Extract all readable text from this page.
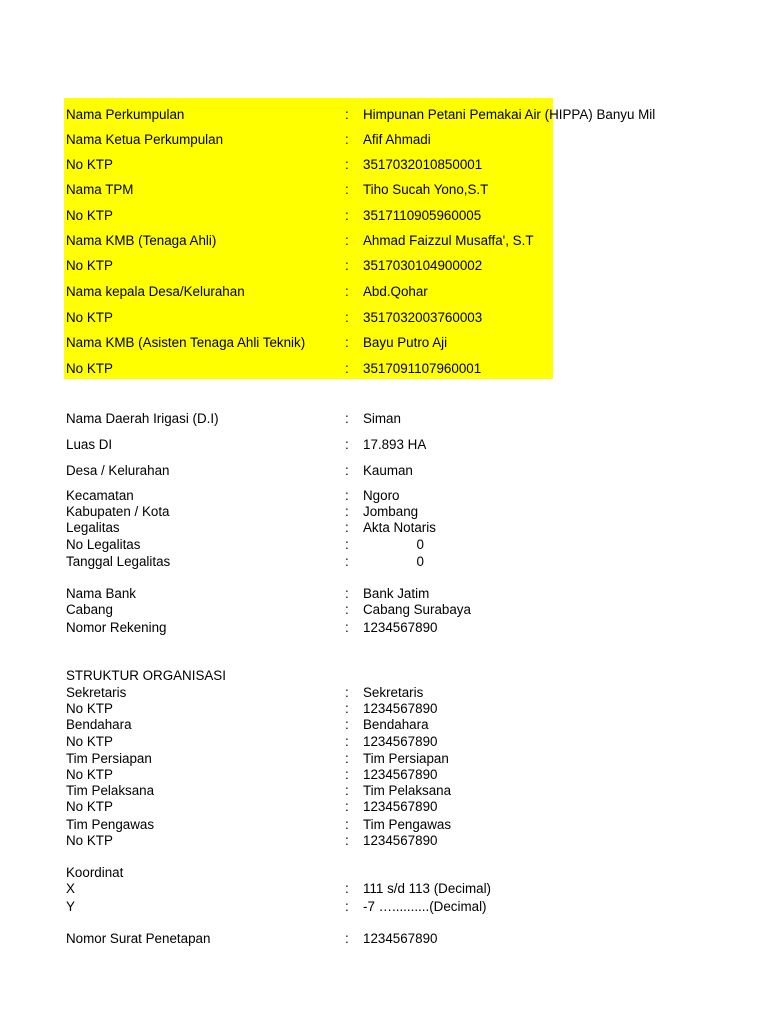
Nama Perkumpulan	: Himpunan Petani Pemakai Air (HIPPA) Banyu Mil
Nama Ketua Perkumpulan	: Afif Ahmadi
No KTP	: 3517032010850001
Nama TPM	: Tiho Sucah Yono,S.T
No KTP	: 3517110905960005
Nama KMB (Tenaga Ahli)	: Ahmad Faizzul Musaffa', S.T
No KTP	: 3517030104900002
Nama kepala Desa/Kelurahan	: Abd.Qohar
No KTP	: 3517032003760003
Nama KMB (Asisten Tenaga Ahli Teknik)	: Bayu Putro Aji
No KTP	: 3517091107960001
Nama Daerah Irigasi (D.I)	: Siman
Luas DI	: 17.893 HA
Desa / Kelurahan	: Kauman
Kecamatan	: Ngoro
Kabupaten / Kota	: Jombang
Legalitas	: Akta Notaris
No Legalitas	:	0
Tanggal Legalitas	:	0
Nama Bank	: Bank Jatim
Cabang	: Cabang Surabaya
Nomor Rekening	: 1234567890
STRUKTUR ORGANISASI
Sekretaris	: Sekretaris
No KTP	: 1234567890
Bendahara	: Bendahara
No KTP	: 1234567890
Tim Persiapan	: Tim Persiapan
No KTP	: 1234567890
Tim Pelaksana	: Tim Pelaksana
No KTP	: 1234567890
Tim Pengawas	: Tim Pengawas
No KTP	: 1234567890
Koordinat
X	: 111 s/d 113 (Decimal)
Y	: -7 …..........(Decimal)
Nomor Surat Penetapan	: 1234567890
